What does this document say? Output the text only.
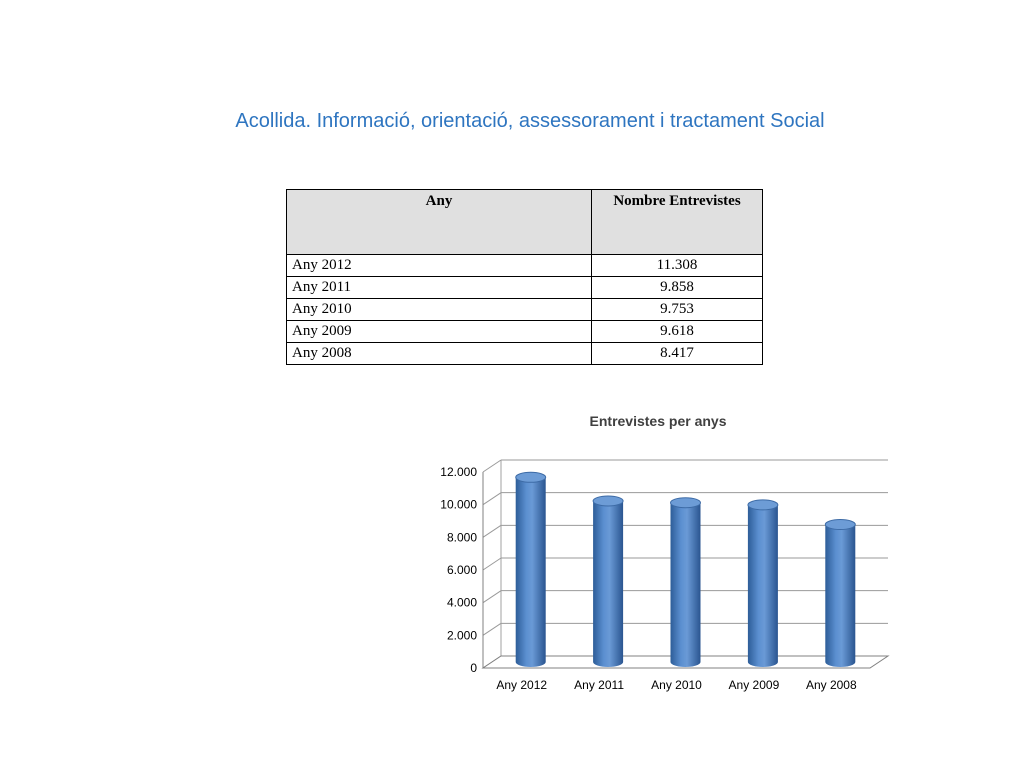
Acollida. Informació, orientació, assessorament i tractament Social
Any	Nombre Entrevistes
Any 2012	11.308
Any 2011	9.858
Any 2010	9.753
Any 2009	9.618
Any 2008	8.417
Entrevistes per anys
0
2.000
4.000
6.000
8.000
10.000
12.000
Any 2012 Any 2011 Any 2010 Any 2009 Any 2008
